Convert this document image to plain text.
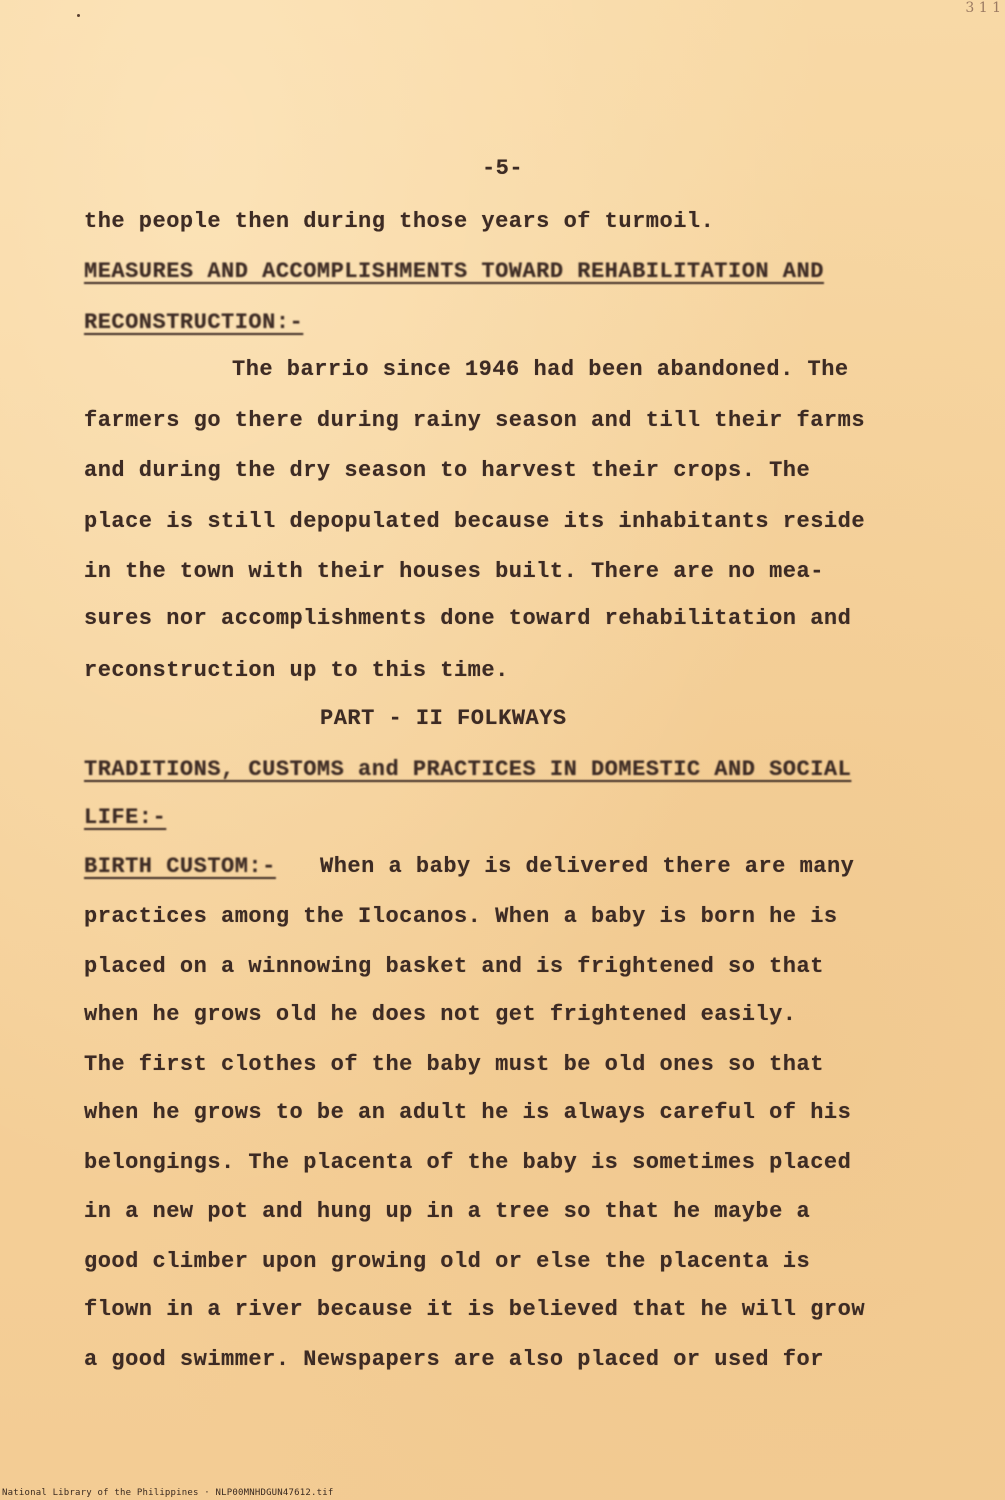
3 1 1
-5-
the people then during those years of turmoil.
MEASURES AND ACCOMPLISHMENTS TOWARD REHABILITATION AND
RECONSTRUCTION:-
The barrio since 1946 had been abandoned. The
farmers go there during rainy season and till their farms
and during the dry season to harvest their crops. The
place is still depopulated because its inhabitants reside
in the town with their houses built. There are no mea-
sures nor accomplishments done toward rehabilitation and
reconstruction up to this time.
PART - II FOLKWAYS
TRADITIONS, CUSTOMS and PRACTICES IN DOMESTIC AND SOCIAL
LIFE:-
BIRTH CUSTOM:- When a baby is delivered there are many
practices among the Ilocanos. When a baby is born he is
placed on a winnowing basket and is frightened so that
when he grows old he does not get frightened easily.
The first clothes of the baby must be old ones so that
when he grows to be an adult he is always careful of his
belongings. The placenta of the baby is sometimes placed
in a new pot and hung up in a tree so that he maybe a
good climber upon growing old or else the placenta is
flown in a river because it is believed that he will grow
a good swimmer. Newspapers are also placed or used for
National Library of the Philippines · NLP00MNHDGUN47612.tif
